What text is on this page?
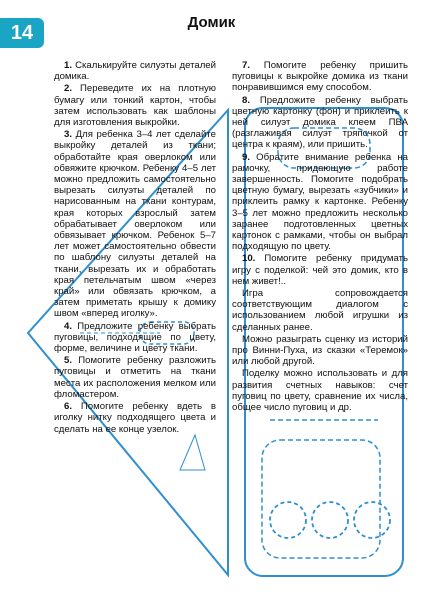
14	Домик

1. Скалькируйте силуэты деталей домика.

2. Переведите их на плотную бумагу или тонкий картон, чтобы затем использовать как шаблоны для изготовления выкройки.

3. Для ребенка 3–4 лет сделайте выкройку деталей из ткани; обработайте края оверлоком или обвяжите крючком. Ребенку 4–5 лет можно предложить самостоятельно вырезать силуэты деталей по нарисованным на ткани контурам, края которых взрослый затем обрабатывает оверлоком или обвязывает крючком. Ребенок 5–7 лет может самостоятельно обвести по шаблону силуэты деталей на ткани, вырезать их и обработать края петельчатым швом «через край» или обвязать крючком, а затем приметать крышу к домику швом «вперед иголку».

4. Предложите ребенку выбрать пуговицы, подходящие по цвету, форме, величине и цвету ткани.

5. Помогите ребенку разложить пуговицы и отметить на ткани места их расположения мелком или фломастером.

6. Помогите ребенку вдеть в иголку нитку подходящего цвета и сделать на ее конце узелок.

7. Помогите ребенку пришить пуговицы к выкройке домика из ткани понравившимся ему способом.

8. Предложите ребенку выбрать цветную картонку (фон) и приклеить к ней силуэт домика клеем ПВА (разглаживая силуэт тряпочкой от центра к краям), или пришить.

9. Обратите внимание ребенка на рамочку, придающую работе завершенность. Помогите подобрать цветную бумагу, вырезать «зубчики» и приклеить рамку к картонке. Ребенку 3–5 лет можно предложить несколько заранее подготовленных цветных картонок с рамками, чтобы он выбрал подходящую по цвету.

10. Помогите ребенку придумать игру с поделкой: чей это домик, кто в нем живет!..

Игра сопровождается соответствующим диалогом с использованием любой игрушки из сделанных ранее.

Можно разыграть сценку из историй про Винни-Пуха, из сказки «Теремок» или любой другой.

Поделку можно использовать и для развития счетных навыков: счет пуговиц по цвету, сравнение их числа, общее число пуговиц и др.
